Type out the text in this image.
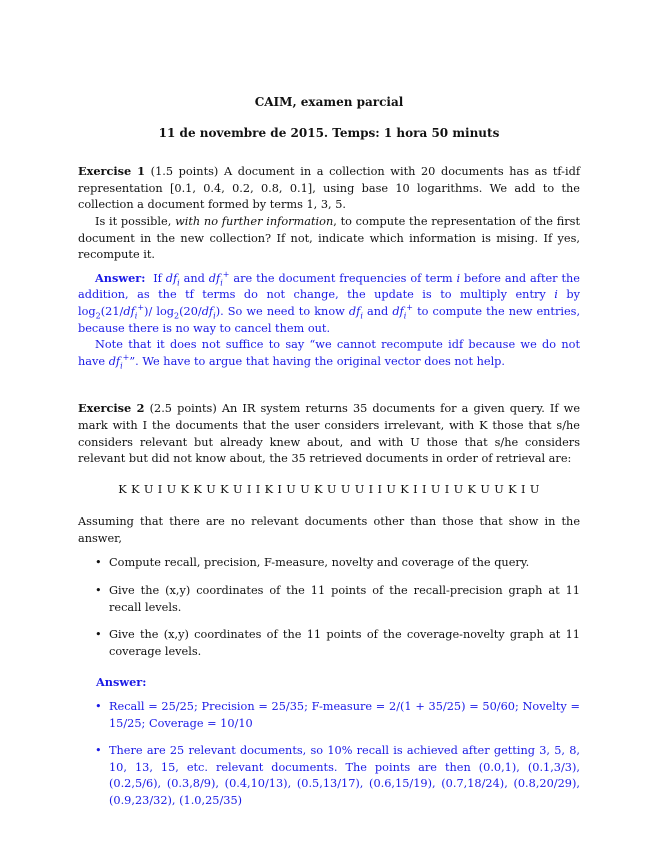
CAIM, examen parcial
11 de novembre de 2015. Temps: 1 hora 50 minuts

Exercise 1 (1.5 points) A document in a collection with 20 documents has as tf-idf representation [0.1, 0.4, 0.2, 0.8, 0.1], using base 10 logarithms. We add to the collection a document formed by terms 1, 3, 5.

Is it possible, with no further information, to compute the representation of the first document in the new collection? If not, indicate which information is mising. If yes, recompute it.

Answer: If $df_i$ and $df_i^+$ are the document frequencies of term i before and after the addition, as the tf terms do not change, the update is to multiply entry i by $\log_2(21/df_i^+)/$ $\log_2(20/df_i)$. So we need to know $df_i$ and $df_i^+$ to compute the new entries, because there is no way to cancel them out.

Note that it does not suffice to say “we cannot recompute idf because we do not have $df_i^+$”. We have to argue that having the original vector does not help.

Exercise 2 (2.5 points) An IR system returns 35 documents for a given query. If we mark with I the documents that the user considers irrelevant, with K those that s/he considers relevant but already knew about, and with U those that s/he considers relevant but did not know about, the 35 retrieved documents in order of retrieval are:

K K U I U K K U K U I I K I U U K U U U I I U K I I U I U K U U K I U

Assuming that there are no relevant documents other than those that show in the answer,

• Compute recall, precision, F-measure, novelty and coverage of the query.
• Give the (x,y) coordinates of the 11 points of the recall-precision graph at 11 recall levels.
• Give the (x,y) coordinates of the 11 points of the coverage-novelty graph at 11 coverage levels.
Answer:
• Recall = 25/25; Precision = 25/35; F-measure = 2/(1 + 35/25) = 50/60; Novelty = 15/25; Coverage = 10/10
• There are 25 relevant documents, so 10% recall is achieved after getting 3, 5, 8, 10, 13, 15, etc. relevant documents. The points are then (0.0,1), (0.1,3/3), (0.2,5/6), (0.3,8/9), (0.4,10/13), (0.5,13/17), (0.6,15/19), (0.7,18/24), (0.8,20/29), (0.9,23/32), (1.0,25/35)
